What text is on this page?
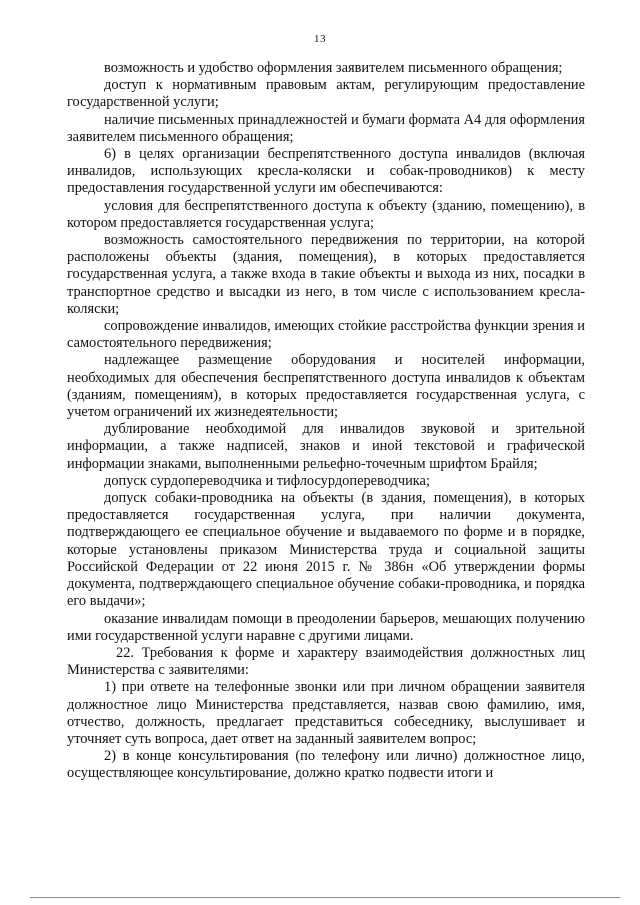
13

возможность и удобство оформления заявителем письменного обращения;

доступ к нормативным правовым актам, регулирующим предоставление государственной услуги;

наличие письменных принадлежностей и бумаги формата А4 для оформления заявителем письменного обращения;

6) в целях организации беспрепятственного доступа инвалидов (включая инвалидов, использующих кресла-коляски и собак-проводников) к месту предоставления государственной услуги им обеспечиваются:

условия для беспрепятственного доступа к объекту (зданию, помещению), в котором предоставляется государственная услуга;

возможность самостоятельного передвижения по территории, на которой расположены объекты (здания, помещения), в которых предоставляется государственная услуга, а также входа в такие объекты и выхода из них, посадки в транспортное средство и высадки из него, в том числе с использованием кресла-коляски;

сопровождение инвалидов, имеющих стойкие расстройства функции зрения и самостоятельного передвижения;

надлежащее размещение оборудования и носителей информации, необходимых для обеспечения беспрепятственного доступа инвалидов к объектам (зданиям, помещениям), в которых предоставляется государственная услуга, с учетом ограничений их жизнедеятельности;

дублирование необходимой для инвалидов звуковой и зрительной информации, а также надписей, знаков и иной текстовой и графической информации знаками, выполненными рельефно-точечным шрифтом Брайля;

допуск сурдопереводчика и тифлосурдопереводчика;

допуск собаки-проводника на объекты (в здания, помещения), в которых предоставляется государственная услуга, при наличии документа, подтверждающего ее специальное обучение и выдаваемого по форме и в порядке, которые установлены приказом Министерства труда и социальной защиты Российской Федерации от 22 июня 2015 г. № 386н «Об утверждении формы документа, подтверждающего специальное обучение собаки-проводника, и порядка его выдачи»;

оказание инвалидам помощи в преодолении барьеров, мешающих получению ими государственной услуги наравне с другими лицами.

22. Требования к форме и характеру взаимодействия должностных лиц Министерства с заявителями:

1) при ответе на телефонные звонки или при личном обращении заявителя должностное лицо Министерства представляется, назвав свою фамилию, имя, отчество, должность, предлагает представиться собеседнику, выслушивает и уточняет суть вопроса, дает ответ на заданный заявителем вопрос;

2) в конце консультирования (по телефону или лично) должностное лицо, осуществляющее консультирование, должно кратко подвести итоги и
